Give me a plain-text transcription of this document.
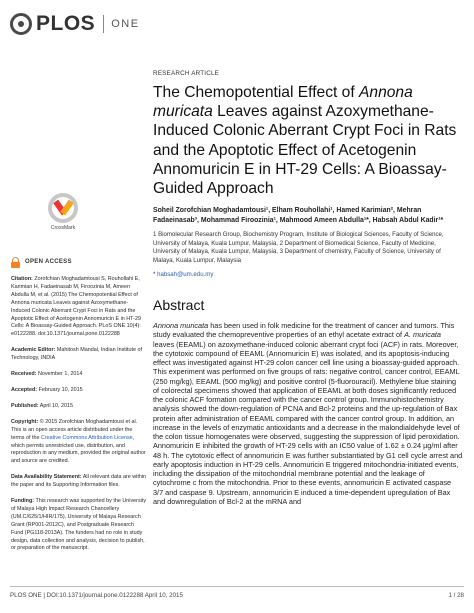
PLOS ONE
CrossMark
OPEN ACCESS
Citation: Zorofchian Moghadamtousi S, Rouhollahi E, Karimian H, Fadaeinasab M, Firoozinia M, Ameen Abdulla M, et al. (2015) The Chemopotential Effect of Annona muricata Leaves against Azoxymethane-Induced Colonic Aberrant Crypt Foci in Rats and the Apoptotic Effect of Acetogenin Annomuricin E in HT-29 Cells: A Bioassay-Guided Approach. PLoS ONE 10(4): e0122288. doi:10.1371/journal.pone.0122288
Academic Editor: Mahitosh Mandal, Indian Institute of Technology, INDIA
Received: November 1, 2014
Accepted: February 10, 2015
Published: April 10, 2015
Copyright: © 2015 Zorofchian Moghadamtousi et al. This is an open access article distributed under the terms of the Creative Commons Attribution License, which permits unrestricted use, distribution, and reproduction in any medium, provided the original author and source are credited.
Data Availability Statement: All relevant data are within the paper and its Supporting Information files.
Funding: This research was supported by the University of Malaya High Impact Research Chancellery (UM.C/625/1/HIR/175), University of Malaya Research Grant (RP001-2012C), and Postgraduate Research Fund (PG118-2013A). The funders had no role in study design, data collection and analysis, decision to publish, or preparation of the manuscript.
RESEARCH ARTICLE
The Chemopotential Effect of Annona muricata Leaves against Azoxymethane-Induced Colonic Aberrant Crypt Foci in Rats and the Apoptotic Effect of Acetogenin Annomuricin E in HT-29 Cells: A Bioassay-Guided Approach
Soheil Zorofchian Moghadamtousi¹, Elham Rouhollahi¹, Hamed Karimian², Mehran Fadaeinasab³, Mohammad Firoozinia¹, Mahmood Ameen Abdulla¹*, Habsah Abdul Kadir¹*
1 Biomolecular Research Group, Biochemistry Program, Institute of Biological Sciences, Faculty of Science, University of Malaya, Kuala Lumpur, Malaysia, 2 Department of Biomedical Science, Faculty of Medicine, University of Malaya, Kuala Lumpur, Malaysia, 3 Department of chemistry, Faculty of Science, University of Malaya, Kuala Lumpur, Malaysia
* habsah@um.edu.my
Abstract

Annona muricata has been used in folk medicine for the treatment of cancer and tumors. This study evaluated the chemopreventive properties of an ethyl acetate extract of A. muricata leaves (EEAML) on azoxymethane-induced colonic aberrant crypt foci (ACF) in rats. Moreover, the cytotoxic compound of EEAML (Annomuricin E) was isolated, and its apoptosis-inducing effect was investigated against HT-29 colon cancer cell line using a bioassay-guided approach. This experiment was performed on five groups of rats: negative control, cancer control, EEAML (250 mg/kg), EEAML (500 mg/kg) and positive control (5-fluorouracil). Methylene blue staining of colorectal specimens showed that application of EEAML at both doses significantly reduced the colonic ACF formation compared with the cancer control group. Immunohistochemistry analysis showed the down-regulation of PCNA and Bcl-2 proteins and the up-regulation of Bax protein after administration of EEAML compared with the cancer control group. In addition, an increase in the levels of enzymatic antioxidants and a decrease in the malondialdehyde level of the colon tissue homogenates were observed, suggesting the suppression of lipid peroxidation. Annomuricin E inhibited the growth of HT-29 cells with an IC50 value of 1.62 ± 0.24 µg/ml after 48 h. The cytotoxic effect of annomuricin E was further substantiated by G1 cell cycle arrest and early apoptosis induction in HT-29 cells. Annomuricin E triggered mitochondria-initiated events, including the dissipation of the mitochondrial membrane potential and the leakage of cytochrome c from the mitochondria. Prior to these events, annomuricin E activated caspase 3/7 and caspase 9. Upstream, annomuricin E induced a time-dependent upregulation of Bax and downregulation of Bcl-2 at the mRNA and

PLOS ONE | DOI:10.1371/journal.pone.0122288 April 10, 2015	1 / 28
